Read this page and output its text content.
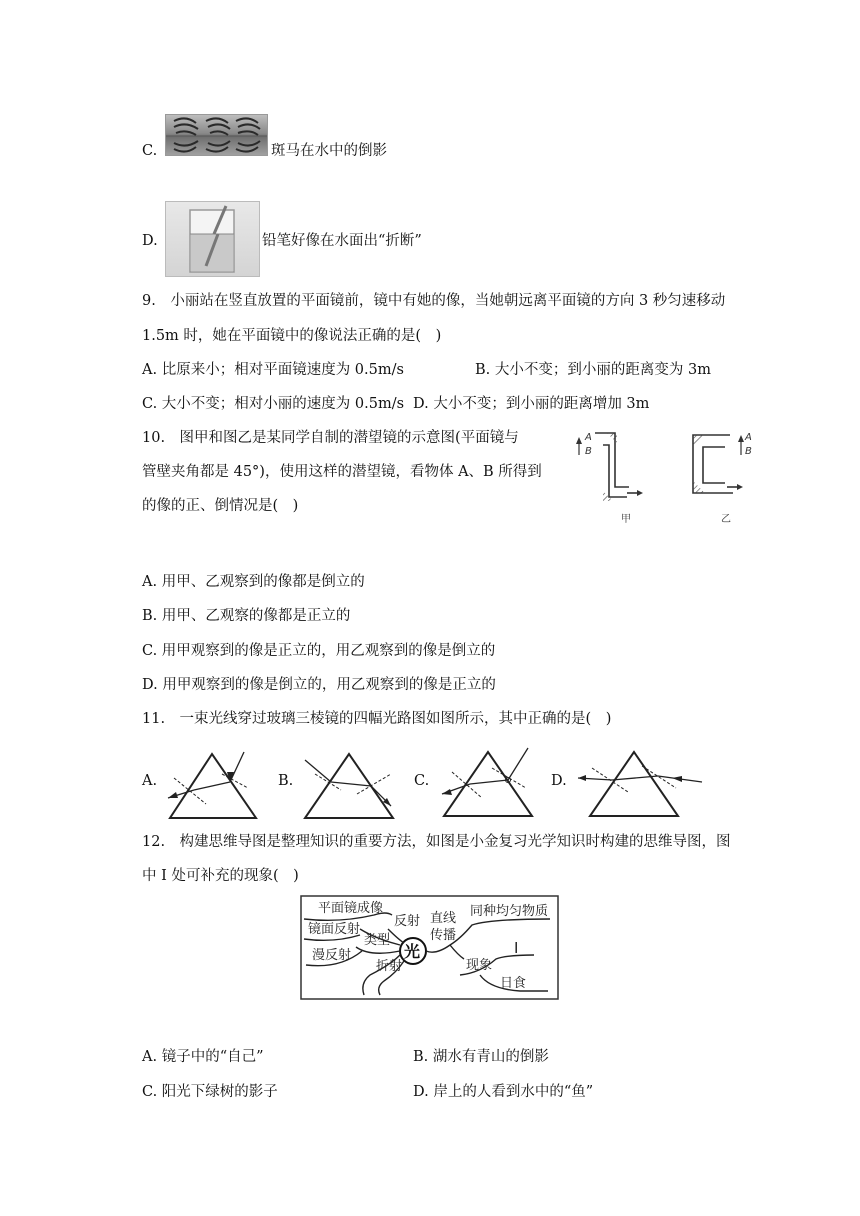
C.	斑马在水中的倒影
D.	铅笔好像在水面出“折断”
9.　小丽站在竖直放置的平面镜前，镜中有她的像，当她朝远离平面镜的方向 3 秒匀速移动
1.5m 时，她在平面镜中的像说法正确的是(　)
A. 比原来小；相对平面镜速度为 0.5m/s	B. 大小不变；到小丽的距离变为 3m
C. 大小不变；相对小丽的速度为 0.5m/s D. 大小不变；到小丽的距离增加 3m
10.　图甲和图乙是某同学自制的潜望镜的示意图(平面镜与
管壁夹角都是 45°)，使用这样的潜望镜，看物体 A、B 所得到
的像的正、倒情况是(　)
A
B
甲
A
B
乙
A. 用甲、乙观察到的像都是倒立的
B. 用甲、乙观察的像都是正立的
C. 用甲观察到的像是正立的，用乙观察到的像是倒立的
D. 用甲观察到的像是倒立的，用乙观察到的像是正立的
11.　一束光线穿过玻璃三棱镜的四幅光路图如图所示，其中正确的是(　)
A.	B.	C.	D.
12.　构建思维导图是整理知识的重要方法，如图是小金复习光学知识时构建的思维导图，图
中 I 处可补充的现象(　)
平面镜成像
镜面反射
漫反射
类型
反射
折射
直线
传播
同种均匀物质
I
现象
日食
光
A. 镜子中的“自己”	B. 湖水有青山的倒影
C. 阳光下绿树的影子	D. 岸上的人看到水中的“鱼”
